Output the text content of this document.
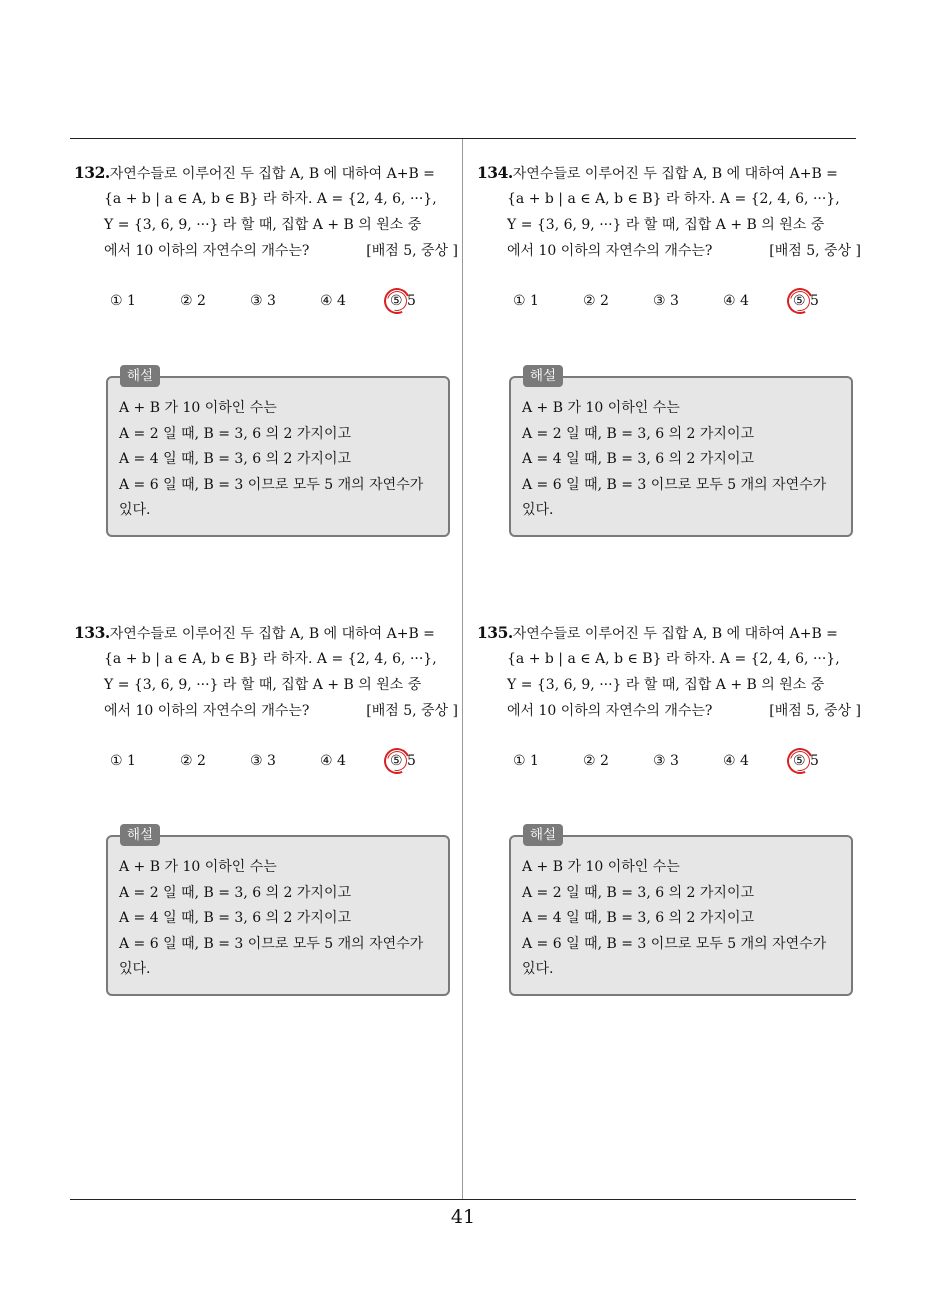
41
132.자연수들로 이루어진 두 집합 A, B 에 대하여 A+B =
{a + b | a ∈ A, b ∈ B} 라 하자. A = {2, 4, 6, ···},
Y = {3, 6, 9, ···} 라 할 때, 집합 A + B 의 원소 중
에서 10 이하의 자연수의 개수는?	[배점 5, 중상 ]
① 1	② 2	③ 3	④ 4	⑤ 5
해설
A + B 가 10 이하인 수는
A = 2 일 때, B = 3, 6 의 2 가지이고
A = 4 일 때, B = 3, 6 의 2 가지이고
A = 6 일 때, B = 3 이므로 모두 5 개의 자연수가
있다.
134.자연수들로 이루어진 두 집합 A, B 에 대하여 A+B =
{a + b | a ∈ A, b ∈ B} 라 하자. A = {2, 4, 6, ···},
Y = {3, 6, 9, ···} 라 할 때, 집합 A + B 의 원소 중
에서 10 이하의 자연수의 개수는?	[배점 5, 중상 ]
① 1	② 2	③ 3	④ 4	⑤ 5
해설
A + B 가 10 이하인 수는
A = 2 일 때, B = 3, 6 의 2 가지이고
A = 4 일 때, B = 3, 6 의 2 가지이고
A = 6 일 때, B = 3 이므로 모두 5 개의 자연수가
있다.
133.자연수들로 이루어진 두 집합 A, B 에 대하여 A+B =
{a + b | a ∈ A, b ∈ B} 라 하자. A = {2, 4, 6, ···},
Y = {3, 6, 9, ···} 라 할 때, 집합 A + B 의 원소 중
에서 10 이하의 자연수의 개수는?	[배점 5, 중상 ]
① 1	② 2	③ 3	④ 4	⑤ 5
해설
A + B 가 10 이하인 수는
A = 2 일 때, B = 3, 6 의 2 가지이고
A = 4 일 때, B = 3, 6 의 2 가지이고
A = 6 일 때, B = 3 이므로 모두 5 개의 자연수가
있다.
135.자연수들로 이루어진 두 집합 A, B 에 대하여 A+B =
{a + b | a ∈ A, b ∈ B} 라 하자. A = {2, 4, 6, ···},
Y = {3, 6, 9, ···} 라 할 때, 집합 A + B 의 원소 중
에서 10 이하의 자연수의 개수는?	[배점 5, 중상 ]
① 1	② 2	③ 3	④ 4	⑤ 5
해설
A + B 가 10 이하인 수는
A = 2 일 때, B = 3, 6 의 2 가지이고
A = 4 일 때, B = 3, 6 의 2 가지이고
A = 6 일 때, B = 3 이므로 모두 5 개의 자연수가
있다.
